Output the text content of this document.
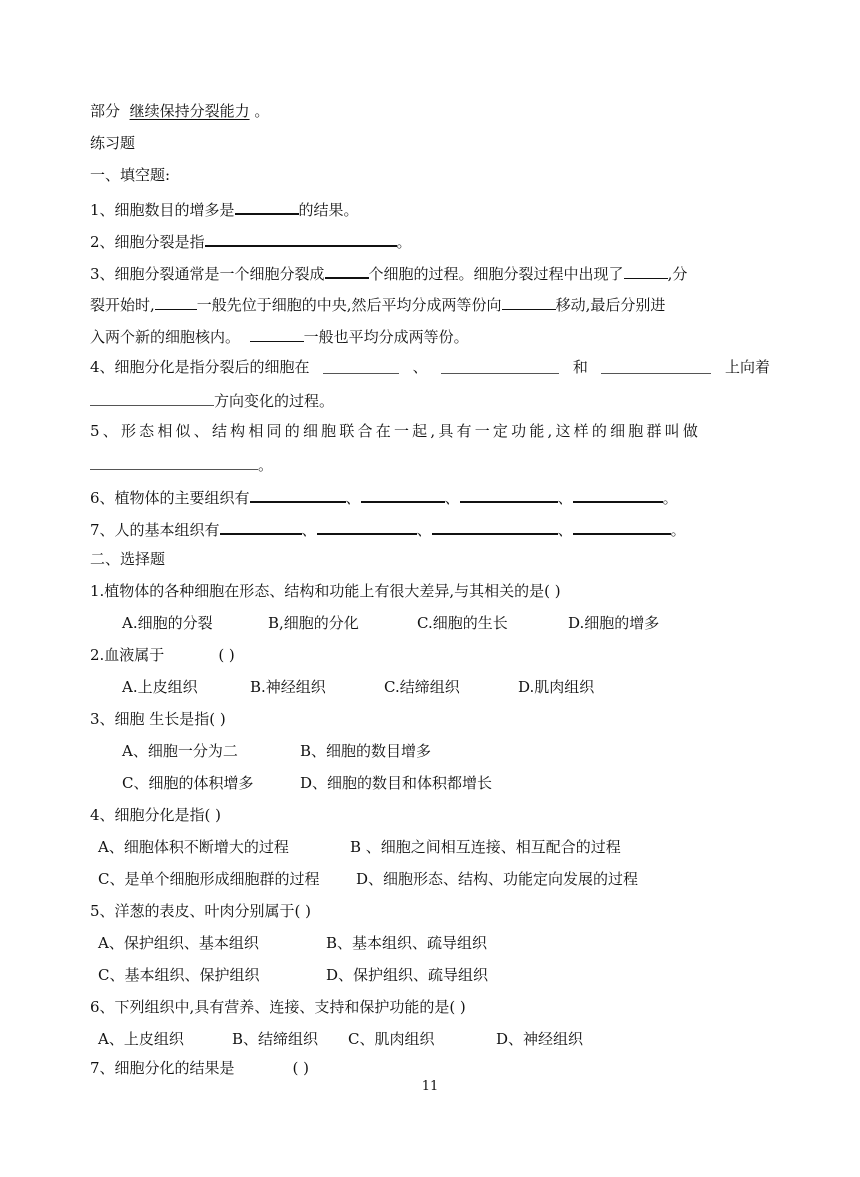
部分 继续保持分裂能力 。
练习题
一、填空题:
1、细胞数目的增多是	的结果。
2、细胞分裂是指	。
3、细胞分裂通常是一个细胞分裂成	个细胞的过程。细胞分裂过程中出现了	,分
裂开始时,	一般先位于细胞的中央,然后平均分成两等份向	移动,最后分别进
入两个新的细胞核内。	一般也平均分成两等份。
4、细胞分化是指分裂后的细胞在	、	和	上向着
方向变化的过程。
5、形态相似、结构相同的细胞联合在一起,具有一定功能,这样的细胞群叫做
。
6、植物体的主要组织有	、	、	、	。
7、人的基本组织有	、	、	、	。
二、选择题
1.植物体的各种细胞在形态、结构和功能上有很大差异,与其相关的是( )
A.细胞的分裂	B,细胞的分化	C.细胞的生长	D.细胞的增多
2.血液属于	( )
A.上皮组织	B.神经组织	C.结缔组织	D.肌肉组织
3、细胞 生长是指( )
A、细胞一分为二	B、细胞的数目增多
C、细胞的体积增多	D、细胞的数目和体积都增长
4、细胞分化是指( )
A、细胞体积不断增大的过程	B 、细胞之间相互连接、相互配合的过程
C、是单个细胞形成细胞群的过程 D、细胞形态、结构、功能定向发展的过程
5、洋葱的表皮、叶肉分别属于( )
A、保护组织、基本组织	B、基本组织、疏导组织
C、基本组织、保护组织	D、保护组织、疏导组织
6、下列组织中,具有营养、连接、支持和保护功能的是( )
A、上皮组织	B、结缔组织 C、肌肉组织	D、神经组织
7、细胞分化的结果是	( )
11
